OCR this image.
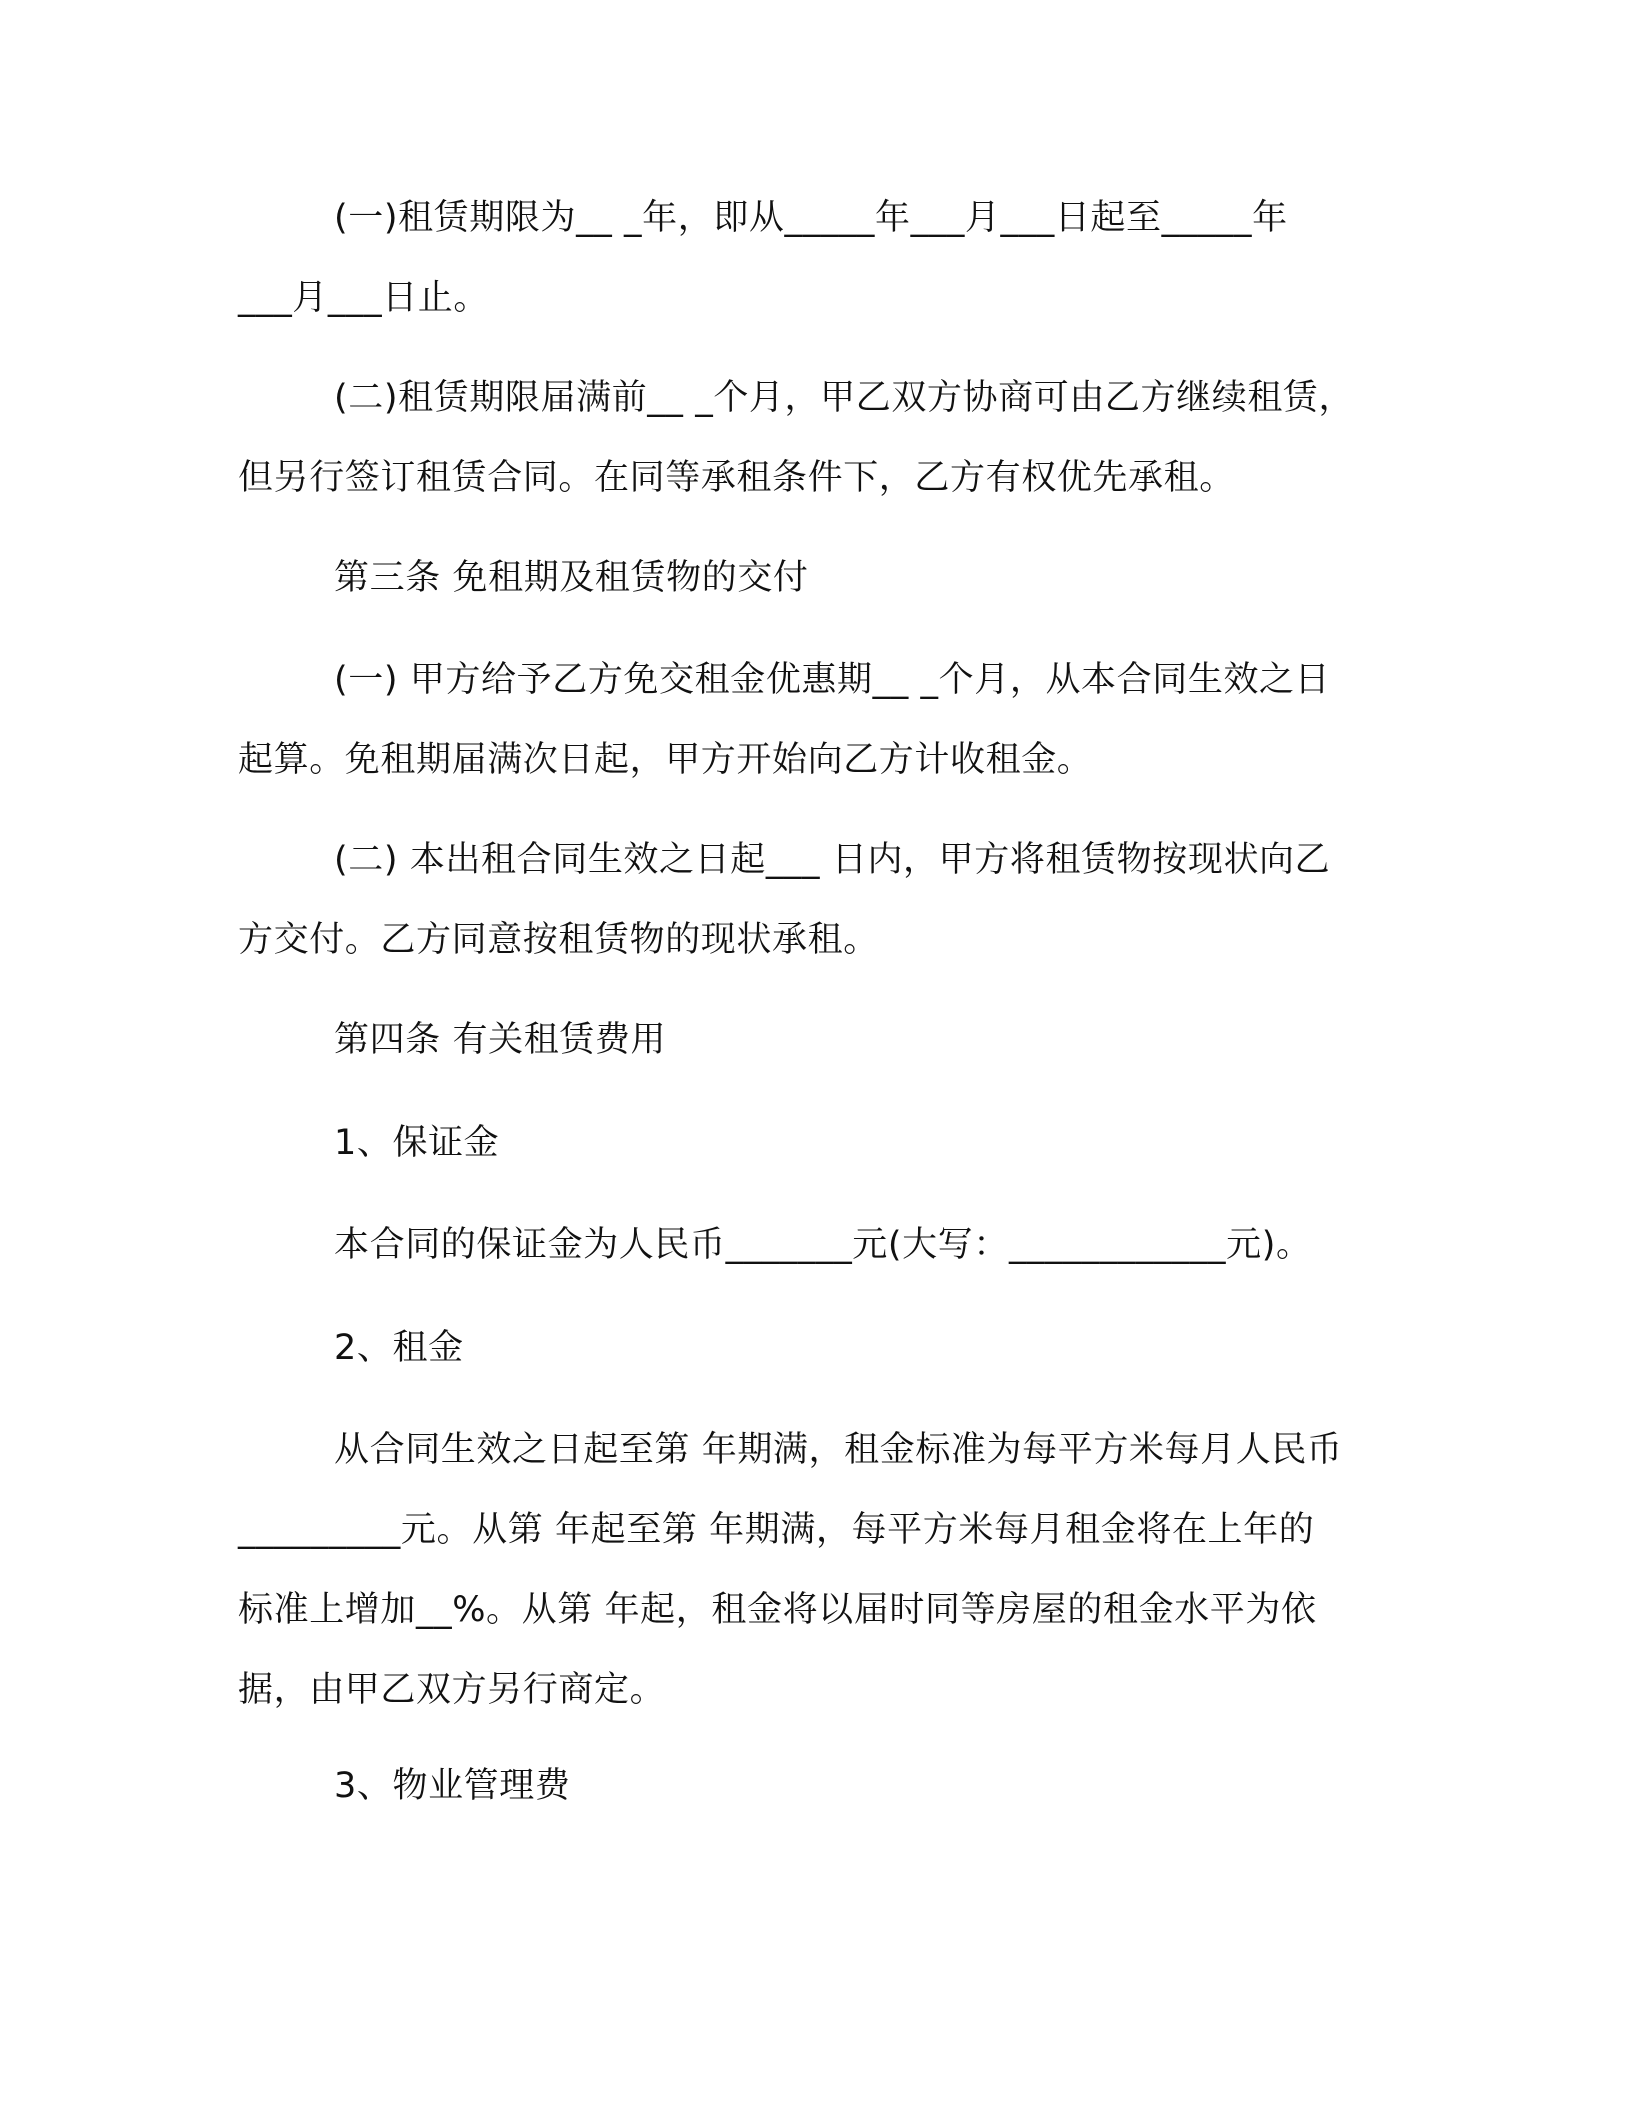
(一)租赁期限为__ _年，即从_____年___月___日起至_____年
___月___日止。

(二)租赁期限届满前__ _个月，甲乙双方协商可由乙方继续租赁，
但另行签订租赁合同。在同等承租条件下，乙方有权优先承租。

第三条 免租期及租赁物的交付

(一) 甲方给予乙方免交租金优惠期__ _个月，从本合同生效之日
起算。免租期届满次日起，甲方开始向乙方计收租金。

(二) 本出租合同生效之日起___ 日内，甲方将租赁物按现状向乙
方交付。乙方同意按租赁物的现状承租。

第四条 有关租赁费用

1、保证金

本合同的保证金为人民币_______元(大写：____________元)。

2、租金

从合同生效之日起至第 年期满，租金标准为每平方米每月人民币
_________元。从第 年起至第 年期满，每平方米每月租金将在上年的
标准上增加__%。从第 年起，租金将以届时同等房屋的租金水平为依
据，由甲乙双方另行商定。

3、物业管理费
